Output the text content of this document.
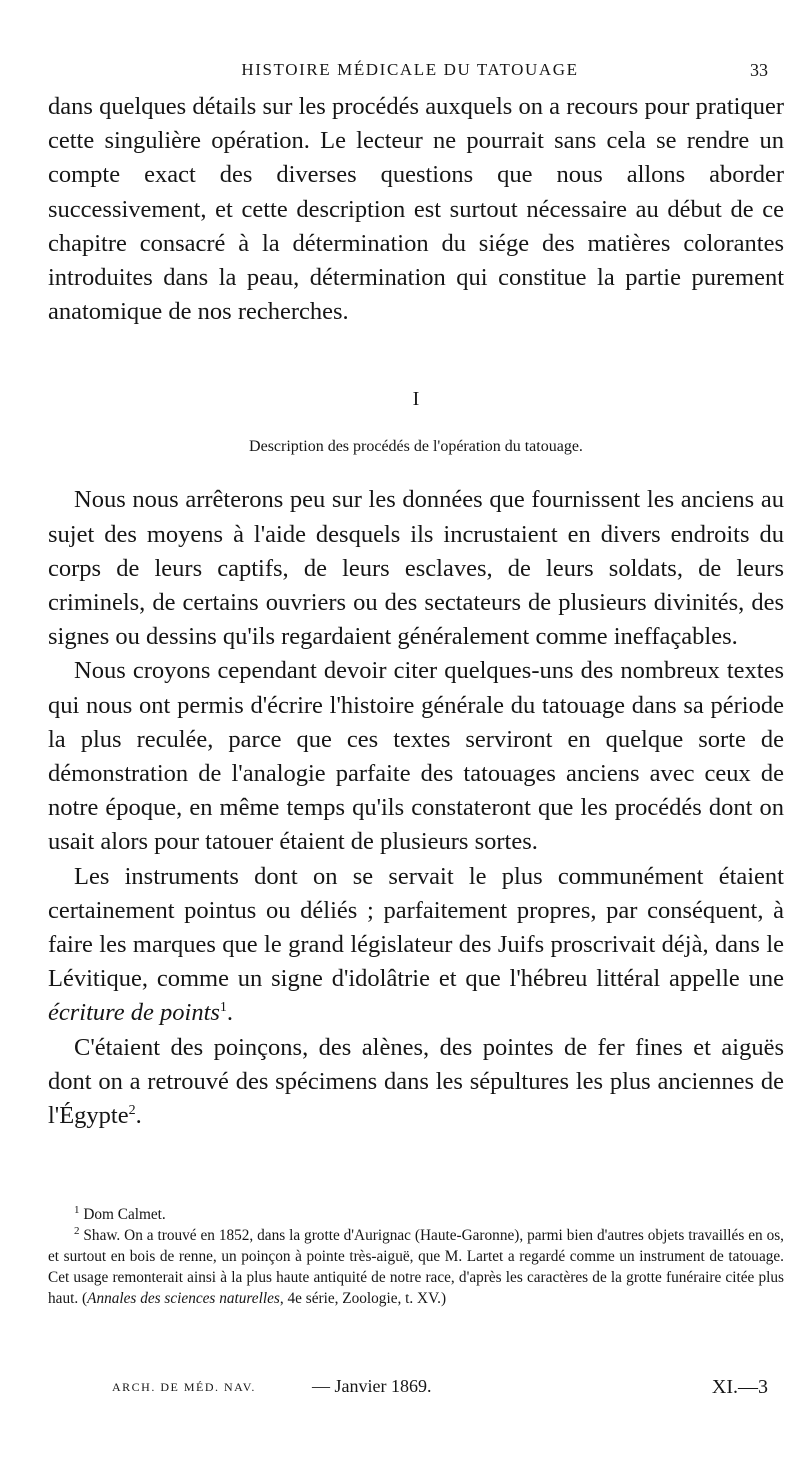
HISTOIRE MÉDICALE DU TATOUAGE	33

dans quelques détails sur les procédés auxquels on a recours pour pratiquer cette singulière opération. Le lecteur ne pourrait sans cela se rendre un compte exact des diverses questions que nous allons aborder successivement, et cette description est surtout nécessaire au début de ce chapitre consacré à la détermination du siége des matières colorantes introduites dans la peau, détermination qui constitue la partie purement anatomique de nos recherches.

I
Description des procédés de l'opération du tatouage.

Nous nous arrêterons peu sur les données que fournissent les anciens au sujet des moyens à l'aide desquels ils incrustaient en divers endroits du corps de leurs captifs, de leurs esclaves, de leurs soldats, de leurs criminels, de certains ouvriers ou des sectateurs de plusieurs divinités, des signes ou dessins qu'ils regardaient généralement comme ineffaçables.

Nous croyons cependant devoir citer quelques-uns des nombreux textes qui nous ont permis d'écrire l'histoire générale du tatouage dans sa période la plus reculée, parce que ces textes serviront en quelque sorte de démonstration de l'analogie parfaite des tatouages anciens avec ceux de notre époque, en même temps qu'ils constateront que les procédés dont on usait alors pour tatouer étaient de plusieurs sortes.

Les instruments dont on se servait le plus communément étaient certainement pointus ou déliés ; parfaitement propres, par conséquent, à faire les marques que le grand législateur des Juifs proscrivait déjà, dans le Lévitique, comme un signe d'idolâtrie et que l'hébreu littéral appelle une écriture de points$^1$.

C'étaient des poinçons, des alènes, des pointes de fer fines et aiguës dont on a retrouvé des spécimens dans les sépultures les plus anciennes de l'Égypte$^2$.

$^1$ Dom Calmet.

$^2$ Shaw. On a trouvé en 1852, dans la grotte d'Aurignac (Haute-Garonne), parmi bien d'autres objets travaillés en os, et surtout en bois de renne, un poinçon à pointe très-aiguë, que M. Lartet a regardé comme un instrument de tatouage. Cet usage remonterait ainsi à la plus haute antiquité de notre race, d'après les caractères de la grotte funéraire citée plus haut. (Annales des sciences naturelles, 4e série, Zoologie, t. XV.)

ARCH. DE MÉD. NAV.	— Janvier 1869.	XI.—3
